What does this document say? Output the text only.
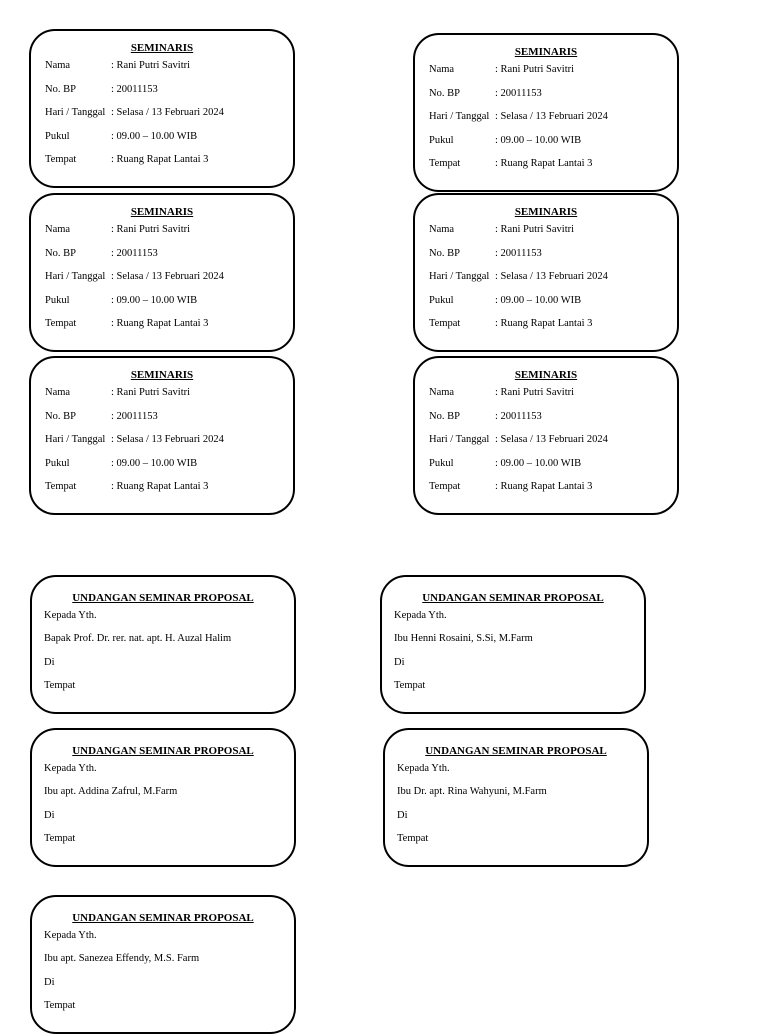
SEMINARIS
Nama	: Rani Putri Savitri
No. BP	: 20011153
Hari / Tanggal : Selasa / 13 Februari 2024
Pukul	: 09.00 – 10.00 WIB
Tempat	: Ruang Rapat Lantai 3
SEMINARIS
Nama	: Rani Putri Savitri
No. BP	: 20011153
Hari / Tanggal : Selasa / 13 Februari 2024
Pukul	: 09.00 – 10.00 WIB
Tempat	: Ruang Rapat Lantai 3
SEMINARIS
Nama	: Rani Putri Savitri
No. BP	: 20011153
Hari / Tanggal : Selasa / 13 Februari 2024
Pukul	: 09.00 – 10.00 WIB
Tempat	: Ruang Rapat Lantai 3
SEMINARIS
Nama	: Rani Putri Savitri
No. BP	: 20011153
Hari / Tanggal : Selasa / 13 Februari 2024
Pukul	: 09.00 – 10.00 WIB
Tempat	: Ruang Rapat Lantai 3
SEMINARIS
Nama	: Rani Putri Savitri
No. BP	: 20011153
Hari / Tanggal : Selasa / 13 Februari 2024
Pukul	: 09.00 – 10.00 WIB
Tempat	: Ruang Rapat Lantai 3
SEMINARIS
Nama	: Rani Putri Savitri
No. BP	: 20011153
Hari / Tanggal : Selasa / 13 Februari 2024
Pukul	: 09.00 – 10.00 WIB
Tempat	: Ruang Rapat Lantai 3
UNDANGAN SEMINAR PROPOSAL
Kepada Yth.
Bapak Prof. Dr. rer. nat. apt. H. Auzal Halim
Di
Tempat
UNDANGAN SEMINAR PROPOSAL
Kepada Yth.
Ibu Henni Rosaini, S.Si, M.Farm
Di
Tempat
UNDANGAN SEMINAR PROPOSAL
Kepada Yth.
Ibu apt. Addina Zafrul, M.Farm
Di
Tempat
UNDANGAN SEMINAR PROPOSAL
Kepada Yth.
Ibu Dr. apt. Rina Wahyuni, M.Farm
Di
Tempat
UNDANGAN SEMINAR PROPOSAL
Kepada Yth.
Ibu apt. Sanezea Effendy, M.S. Farm
Di
Tempat
